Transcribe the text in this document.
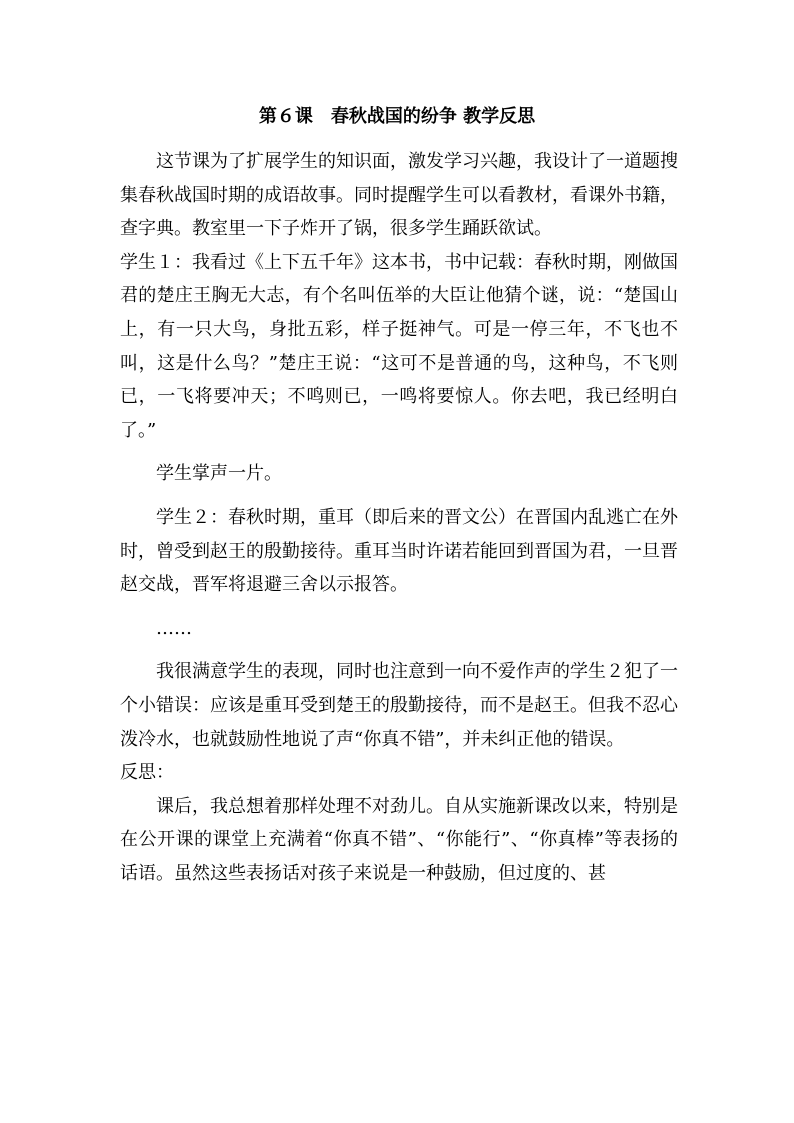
第６课　春秋战国的纷争 教学反思

这节课为了扩展学生的知识面，激发学习兴趣，我设计了一道题搜集春秋战国时期的成语故事。同时提醒学生可以看教材，看课外书籍，查字典。教室里一下子炸开了锅，很多学生踊跃欲试。

学生１：我看过《上下五千年》这本书，书中记载：春秋时期，刚做国君的楚庄王胸无大志，有个名叫伍举的大臣让他猜个谜，说：“楚国山上，有一只大鸟，身批五彩，样子挺神气。可是一停三年，不飞也不叫，这是什么鸟？”楚庄王说：“这可不是普通的鸟，这种鸟，不飞则已，一飞将要冲天；不鸣则已，一鸣将要惊人。你去吧，我已经明白了。”

学生掌声一片。

学生２：春秋时期，重耳（即后来的晋文公）在晋国内乱逃亡在外时，曾受到赵王的殷勤接待。重耳当时许诺若能回到晋国为君，一旦晋赵交战，晋军将退避三舍以示报答。

……

我很满意学生的表现，同时也注意到一向不爱作声的学生２犯了一个小错误：应该是重耳受到楚王的殷勤接待，而不是赵王。但我不忍心泼冷水，也就鼓励性地说了声“你真不错”，并未纠正他的错误。

反思：

课后，我总想着那样处理不对劲儿。自从实施新课改以来，特别是在公开课的课堂上充满着“你真不错”、“你能行”、“你真棒”等表扬的话语。虽然这些表扬话对孩子来说是一种鼓励，但过度的、甚
